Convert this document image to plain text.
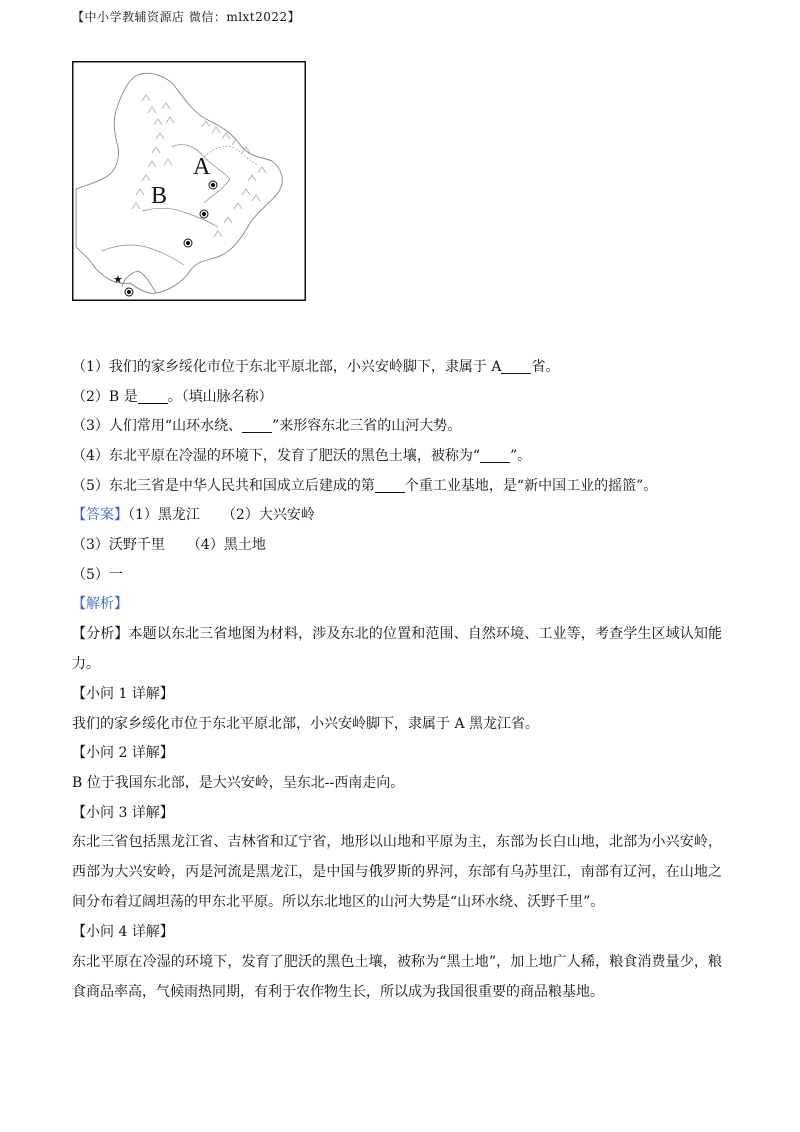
【中小学教辅资源店 微信：mlxt2022】
★
A
B
（1）我们的家乡绥化市位于东北平原北部，小兴安岭脚下，隶属于 A 省。
（2）B 是 。（填山脉名称）
（3）人们常用“山环水绕、 ”来形容东北三省的山河大势。
（4）东北平原在冷湿的环境下，发育了肥沃的黑色土壤，被称为“ ”。
（5）东北三省是中华人民共和国成立后建成的第 个重工业基地，是“新中国工业的摇篮”。
【答案】（1）黑龙江 （2）大兴安岭
（3）沃野千里 （4）黑土地
（5）一
【解析】
【分析】本题以东北三省地图为材料，涉及东北的位置和范围、自然环境、工业等，考查学生区域认知能力。
【小问 1 详解】
我们的家乡绥化市位于东北平原北部，小兴安岭脚下，隶属于 A 黑龙江省。
【小问 2 详解】
B 位于我国东北部，是大兴安岭，呈东北--西南走向。
【小问 3 详解】
东北三省包括黑龙江省、吉林省和辽宁省，地形以山地和平原为主，东部为长白山地，北部为小兴安岭，西部为大兴安岭，丙是河流是黑龙江，是中国与俄罗斯的界河，东部有乌苏里江，南部有辽河，在山地之间分布着辽阔坦荡的甲东北平原。所以东北地区的山河大势是“山环水绕、沃野千里”。
【小问 4 详解】
东北平原在冷湿的环境下，发育了肥沃的黑色土壤，被称为“黑土地”，加上地广人稀，粮食消费量少，粮食商品率高，气候雨热同期，有利于农作物生长，所以成为我国很重要的商品粮基地。
